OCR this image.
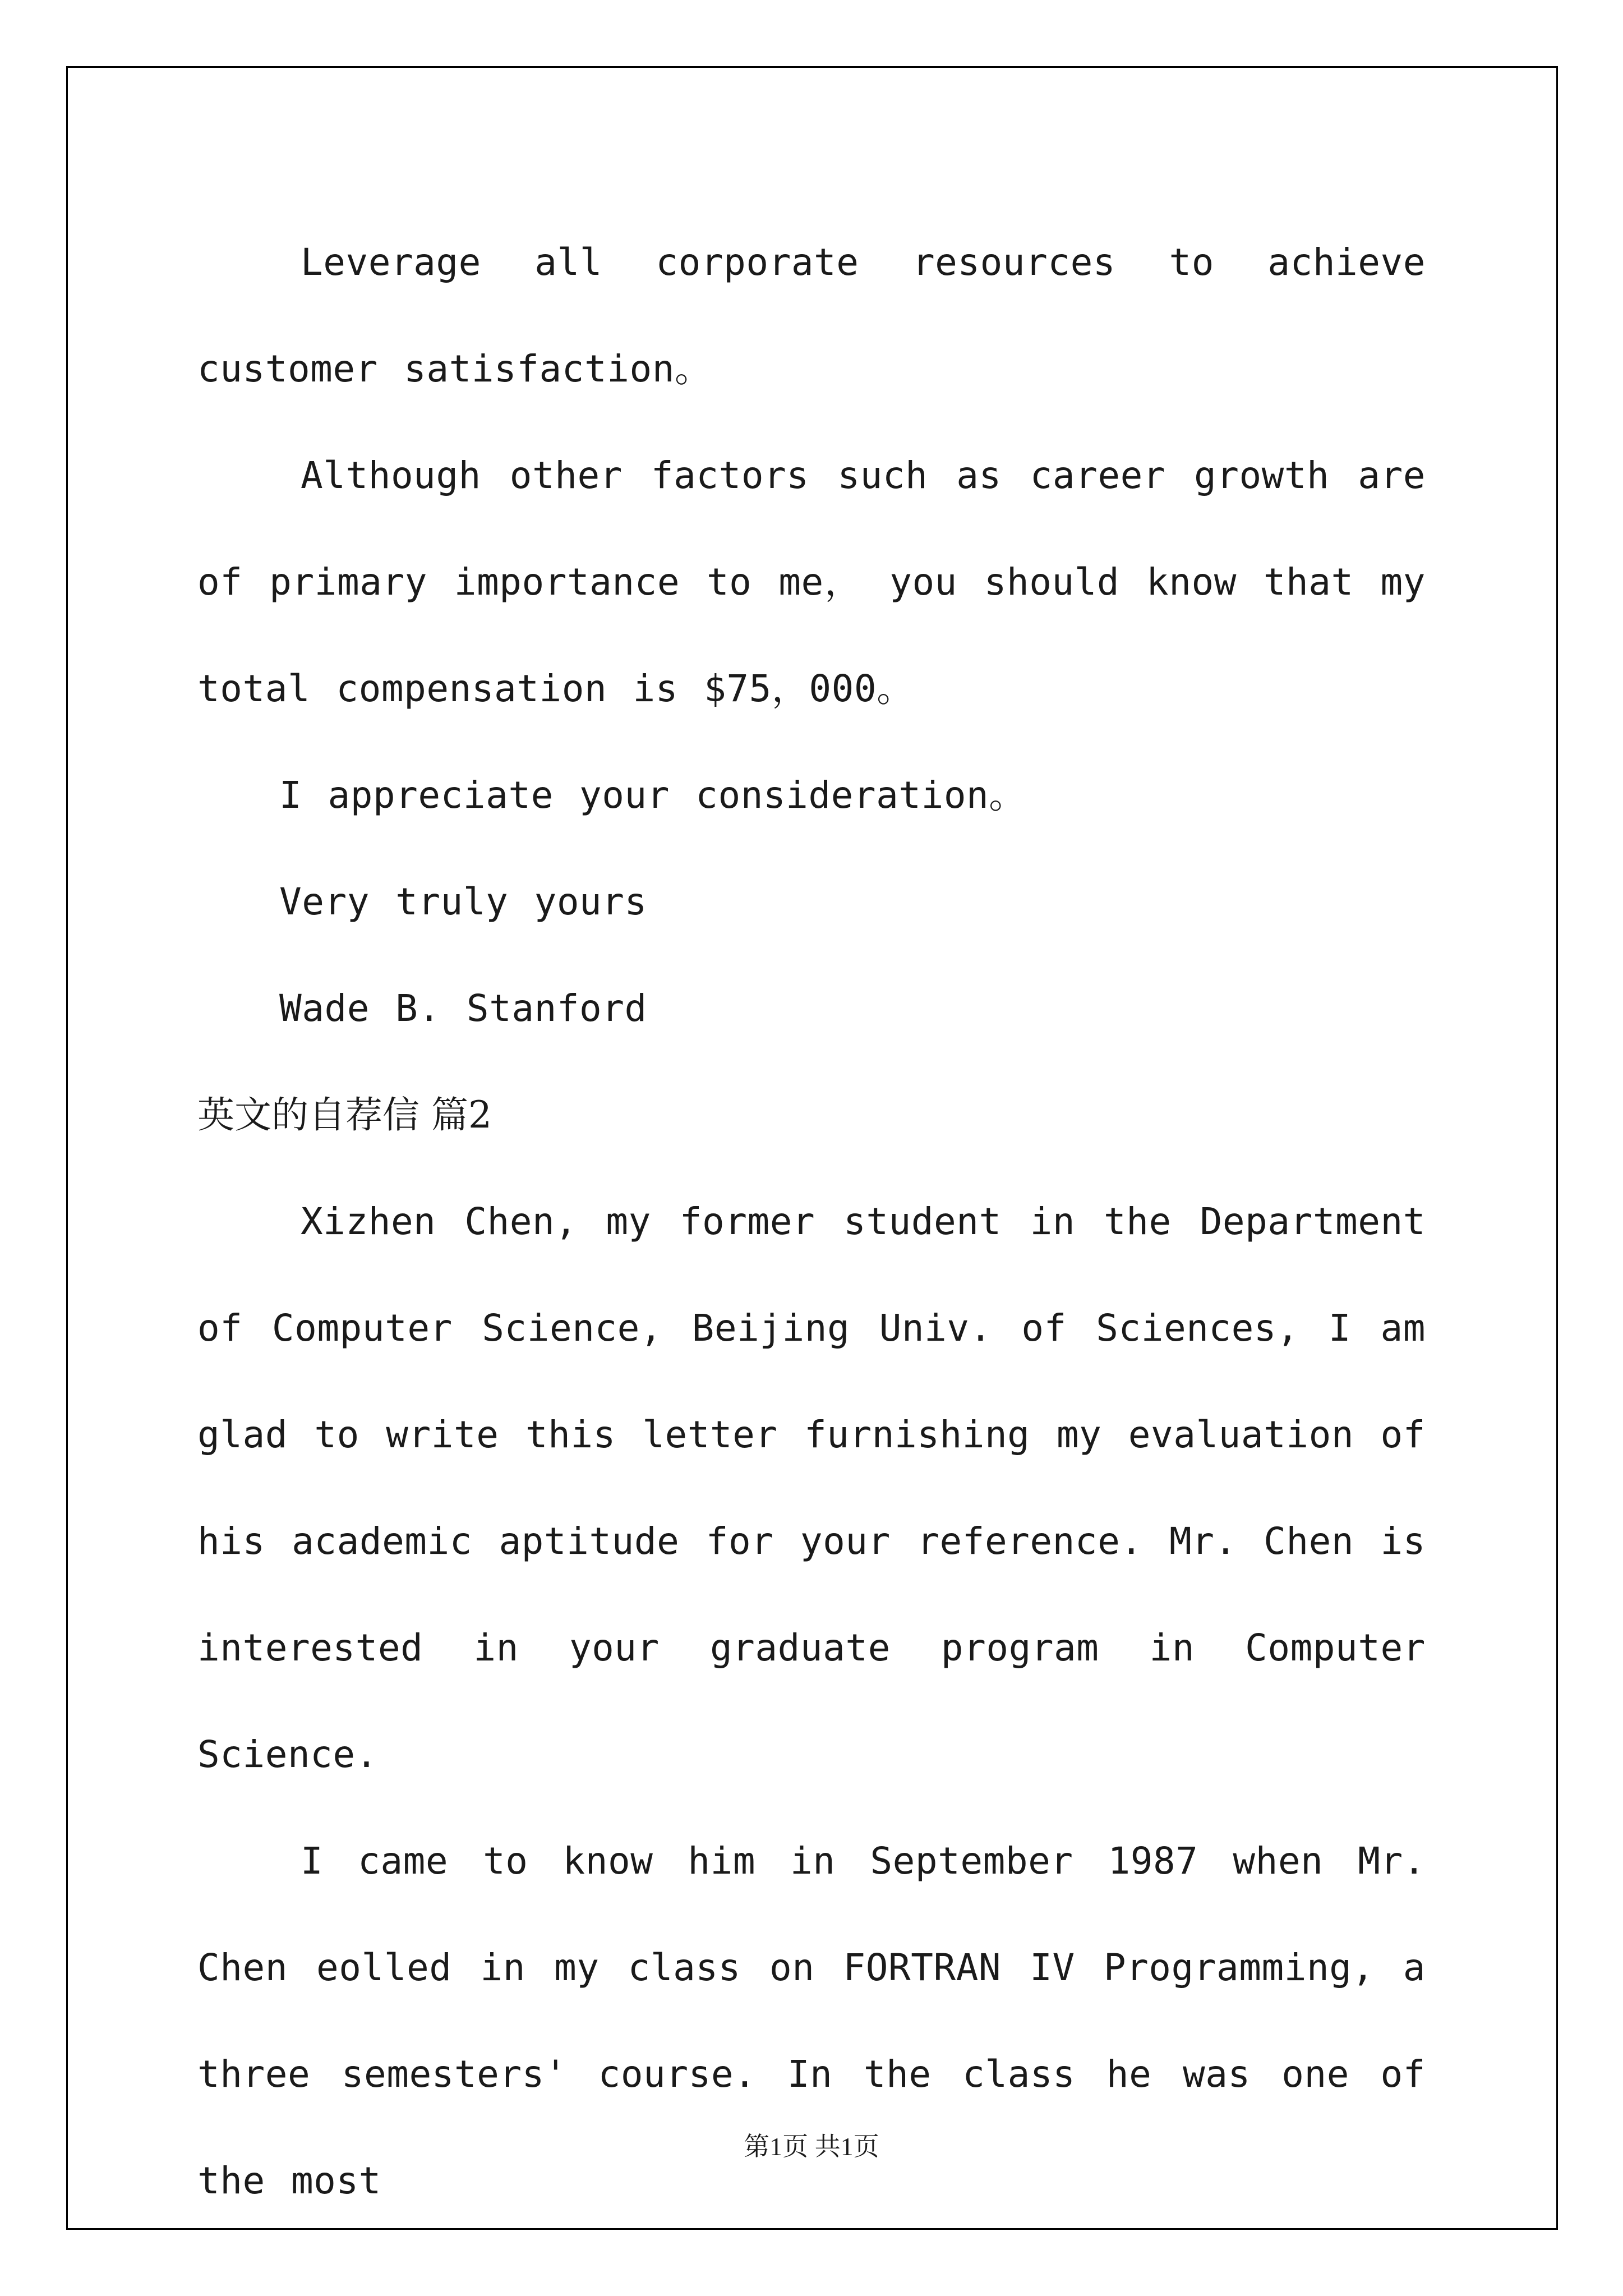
Leverage all corporate resources to achieve customer satisfaction。

Although other factors such as career growth are of primary importance to me， you should know that my total compensation is $75，000。

I appreciate your consideration。

Very truly yours

Wade B. Stanford

英文的自荐信 篇2

Xizhen Chen, my former student in the Department of Computer Science, Beijing Univ. of Sciences, I am glad to write this letter furnishing my evaluation of his academic aptitude for your reference. Mr. Chen is interested in your graduate program in Computer Science.

I came to know him in September 1987 when Mr. Chen eolled in my class on FORTRAN IV Programming, a three semesters' course. In the class he was one of the most

第1页 共1页
